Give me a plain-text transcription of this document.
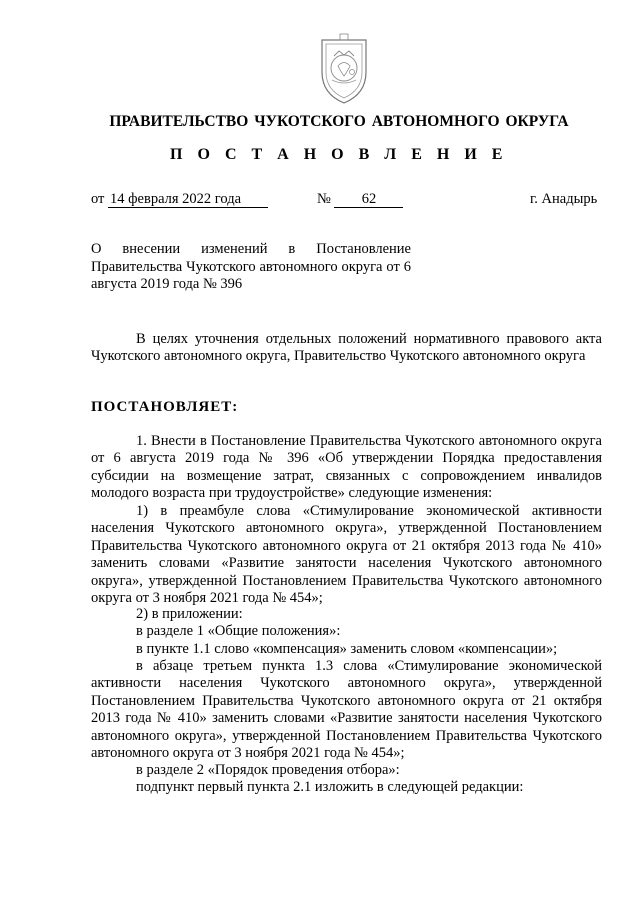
ПРАВИТЕЛЬСТВО ЧУКОТСКОГО АВТОНОМНОГО ОКРУГА

П О С Т А Н О В Л Е Н И Е

от 14 февраля 2022 года	№ 62	г. Анадырь

О внесении изменений в Постановление Правительства Чукотского автономного округа от 6 августа 2019 года № 396

В целях уточнения отдельных положений нормативного правового акта Чукотского автономного округа, Правительство Чукотского автономного округа

ПОСТАНОВЛЯЕТ:

1. Внести в Постановление Правительства Чукотского автономного округа от 6 августа 2019 года № 396 «Об утверждении Порядка предоставления субсидии на возмещение затрат, связанных с сопровождением инвалидов молодого возраста при трудоустройстве» следующие изменения:

1) в преамбуле слова «Стимулирование экономической активности населения Чукотского автономного округа», утвержденной Постановлением Правительства Чукотского автономного округа от 21 октября 2013 года № 410» заменить словами «Развитие занятости населения Чукотского автономного округа», утвержденной Постановлением Правительства Чукотского автономного округа от 3 ноября 2021 года № 454»;

2) в приложении:

в разделе 1 «Общие положения»:

в пункте 1.1 слово «компенсация» заменить словом «компенсации»;

в абзаце третьем пункта 1.3 слова «Стимулирование экономической активности населения Чукотского автономного округа», утвержденной Постановлением Правительства Чукотского автономного округа от 21 октября 2013 года № 410» заменить словами «Развитие занятости населения Чукотского автономного округа», утвержденной Постановлением Правительства Чукотского автономного округа от 3 ноября 2021 года № 454»;

в разделе 2 «Порядок проведения отбора»:

подпункт первый пункта 2.1 изложить в следующей редакции:
